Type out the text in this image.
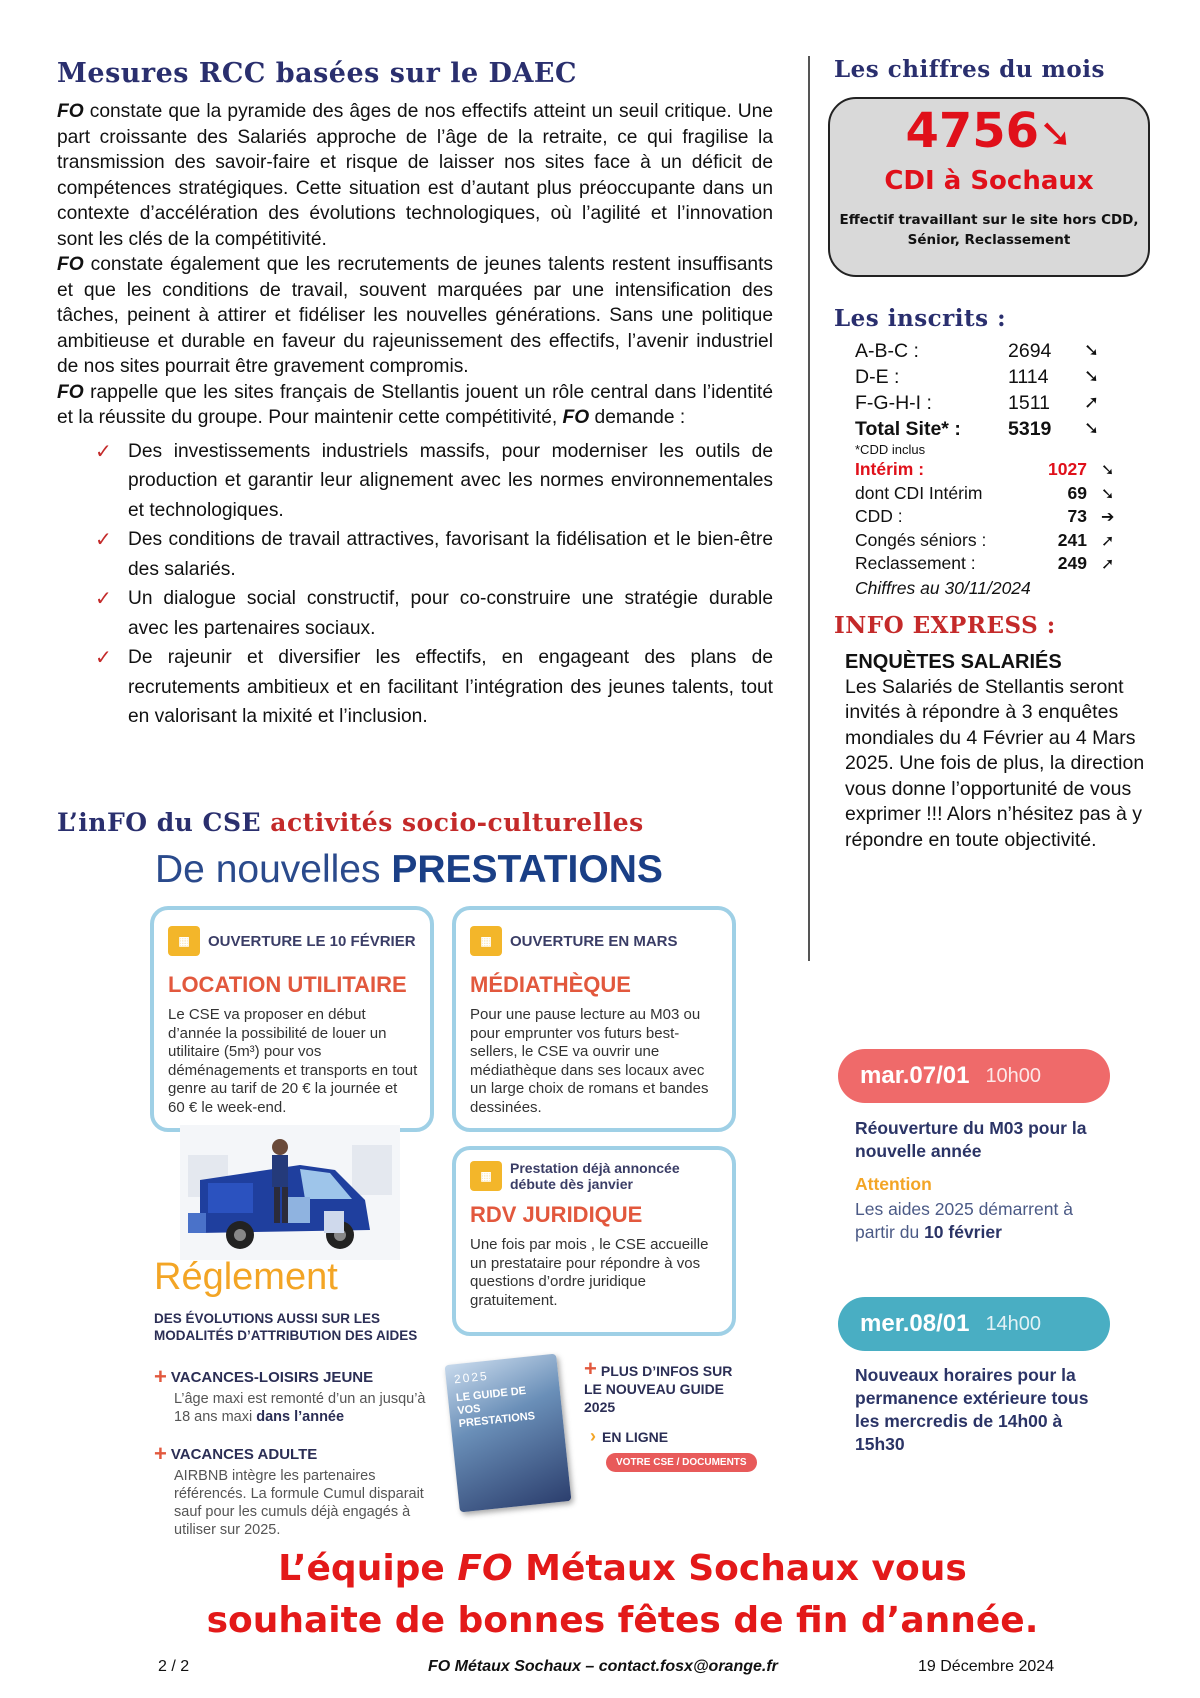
Mesures RCC basées sur le DAEC

FO constate que la pyramide des âges de nos effectifs atteint un seuil critique. Une part croissante des Salariés approche de l’âge de la retraite, ce qui fragilise la transmission des savoir-faire et risque de laisser nos sites face à un déficit de compétences stratégiques. Cette situation est d’autant plus préoccupante dans un contexte d’accélération des évolutions technologiques, où l’agilité et l’innovation sont les clés de la compétitivité.

FO constate également que les recrutements de jeunes talents restent insuffisants et que les conditions de travail, souvent marquées par une intensification des tâches, peinent à attirer et fidéliser les nouvelles générations. Sans une politique ambitieuse et durable en faveur du rajeunissement des effectifs, l’avenir industriel de nos sites pourrait être gravement compromis.

FO rappelle que les sites français de Stellantis jouent un rôle central dans l’identité et la réussite du groupe. Pour maintenir cette compétitivité, FO demande :

✓ Des investissements industriels massifs, pour moderniser les outils de production et garantir leur alignement avec les normes environnementales et technologiques.
✓ Des conditions de travail attractives, favorisant la fidélisation et le bien-être des salariés.
✓ Un dialogue social constructif, pour co-construire une stratégie durable avec les partenaires sociaux.
✓ De rajeunir et diversifier les effectifs, en engageant des plans de recrutements ambitieux et en facilitant l’intégration des jeunes talents, tout en valorisant la mixité et l’inclusion.
L’inFO du CSE activités socio-culturelles
Les chiffres du mois
4756➘
CDI à Sochaux
Effectif travaillant sur le site hors CDD, Sénior, Reclassement
Les inscrits :
A-B-C :	2694	➘
D-E :	1114	➘
F-G-H-I :	1511	➚
Total Site* :	5319	➘
*CDD inclus
Intérim :	1027	➘
dont CDI Intérim	69	➘
CDD :	73	➔
Congés séniors :	241	➚
Reclassement :	249	➚
Chiffres au 30/11/2024
INFO EXPRESS :
ENQUÈTES SALARIÉS
Les Salariés de Stellantis seront invités à répondre à 3 enquêtes mondiales du 4 Février au 4 Mars 2025. Une fois de plus, la direction vous donne l’opportunité de vous exprimer !!! Alors n’hésitez pas à y répondre en toute objectivité.
De nouvelles PRESTATIONS
▦	OUVERTURE LE 10 FÉVRIER
LOCATION UTILITAIRE

Le CSE va proposer en début d’année la possibilité de louer un utilitaire (5m³) pour vos déménagements et transports en tout genre au tarif de 20 € la journée et 60 € le week-end.

▦	OUVERTURE EN MARS
MÉDIATHÈQUE

Pour une pause lecture au M03 ou pour emprunter vos futurs best-sellers, le CSE va ouvrir une médiathèque dans ses locaux avec un large choix de romans et bandes dessinées.

▦	Prestation déjà annoncée débute dès janvier
RDV JURIDIQUE

Une fois par mois , le CSE accueille un prestataire pour répondre à vos questions d’ordre juridique gratuitement.

Réglement
DES ÉVOLUTIONS AUSSI SUR LES MODALITÉS D’ATTRIBUTION DES AIDES
+ VACANCES-LOISIRS JEUNE
L’âge maxi est remonté d’un an jusqu’à 18 ans maxi dans l’année
+ VACANCES ADULTE
AIRBNB intègre les partenaires référencés. La formule Cumul disparait sauf pour les cumuls déjà engagés à utiliser sur 2025.
2025
LE GUIDE DE VOS PRESTATIONS
+ PLUS D’INFOS SUR LE NOUVEAU GUIDE 2025
› EN LIGNE
VOTRE CSE / DOCUMENTS
mar.07/01 10h00
Réouverture du M03 pour la nouvelle année
Attention
Les aides 2025 démarrent à partir du 10 février
mer.08/01 14h00
Nouveaux horaires pour la permanence extérieure tous les mercredis de 14h00 à 15h30
L’équipe FO Métaux Sochaux vous
souhaite de bonnes fêtes de fin d’année.
2 / 2	FO Métaux Sochaux – contact.fosx@orange.fr	19 Décembre 2024
